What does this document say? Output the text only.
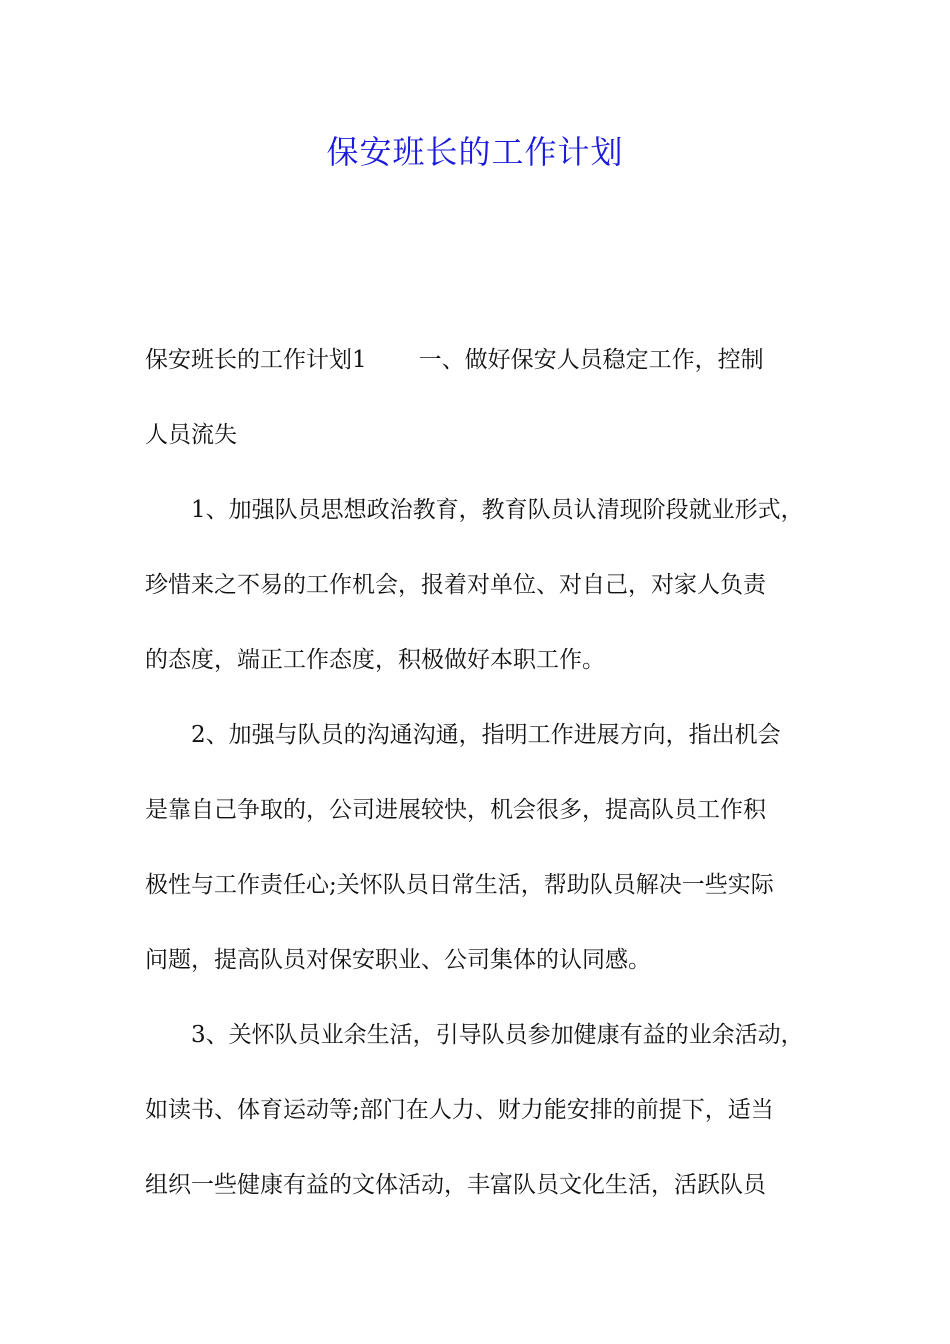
保安班长的工作计划
保安班长的工作计划1 一、做好保安人员稳定工作，控制
人员流失
1、加强队员思想政治教育，教育队员认清现阶段就业形式，
珍惜来之不易的工作机会，报着对单位、对自己，对家人负责
的态度，端正工作态度，积极做好本职工作。
2、加强与队员的沟通沟通，指明工作进展方向，指出机会
是靠自己争取的，公司进展较快，机会很多，提高队员工作积
极性与工作责任心;关怀队员日常生活，帮助队员解决一些实际
问题，提高队员对保安职业、公司集体的认同感。
3、关怀队员业余生活，引导队员参加健康有益的业余活动，
如读书、体育运动等;部门在人力、财力能安排的前提下，适当
组织一些健康有益的文体活动，丰富队员文化生活，活跃队员
